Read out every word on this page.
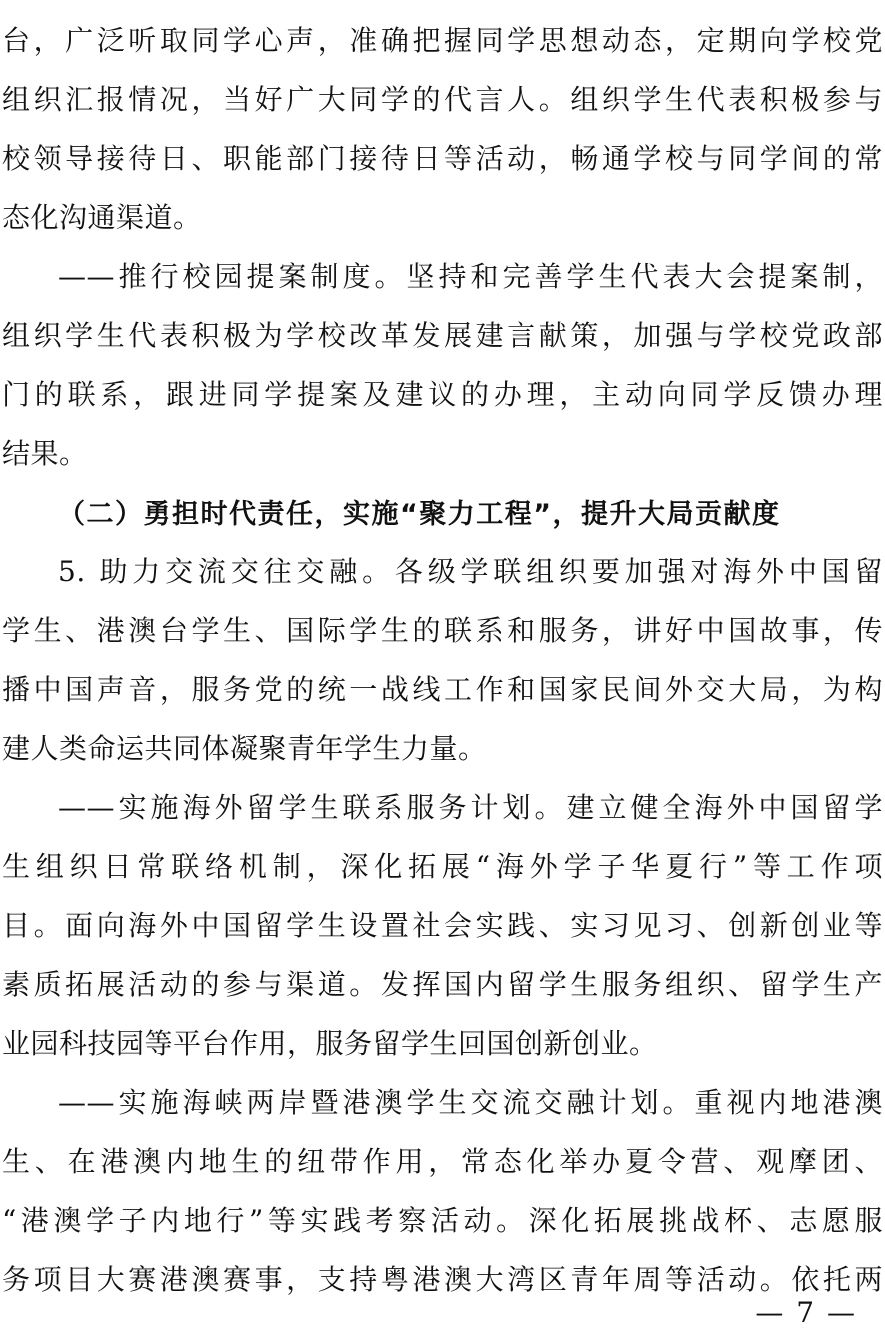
台，广泛听取同学心声，准确把握同学思想动态，定期向学校党
组织汇报情况，当好广大同学的代言人。组织学生代表积极参与
校领导接待日、职能部门接待日等活动，畅通学校与同学间的常
态化沟通渠道。
——推行校园提案制度。坚持和完善学生代表大会提案制，
组织学生代表积极为学校改革发展建言献策，加强与学校党政部
门的联系，跟进同学提案及建议的办理，主动向同学反馈办理
结果。
（二）勇担时代责任，实施“聚力工程”，提升大局贡献度
5. 助力交流交往交融。各级学联组织要加强对海外中国留
学生、港澳台学生、国际学生的联系和服务，讲好中国故事，传
播中国声音，服务党的统一战线工作和国家民间外交大局，为构
建人类命运共同体凝聚青年学生力量。
——实施海外留学生联系服务计划。建立健全海外中国留学
生组织日常联络机制，深化拓展“海外学子华夏行”等工作项
目。面向海外中国留学生设置社会实践、实习见习、创新创业等
素质拓展活动的参与渠道。发挥国内留学生服务组织、留学生产
业园科技园等平台作用，服务留学生回国创新创业。
——实施海峡两岸暨港澳学生交流交融计划。重视内地港澳
生、在港澳内地生的纽带作用，常态化举办夏令营、观摩团、
“港澳学子内地行”等实践考察活动。深化拓展挑战杯、志愿服
务项目大赛港澳赛事，支持粤港澳大湾区青年周等活动。依托两
— 7 —
